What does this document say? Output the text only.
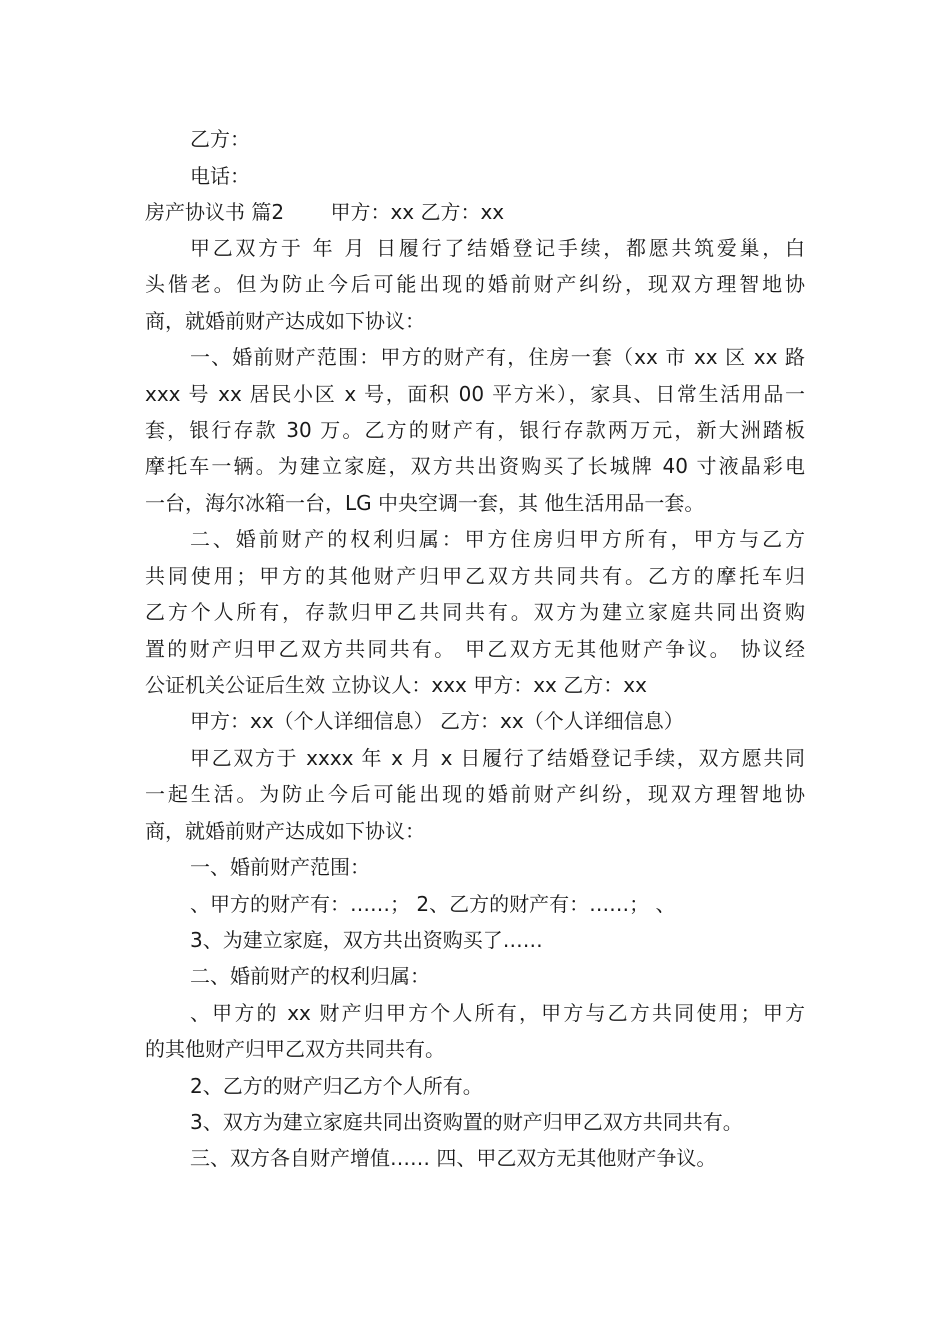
乙方：
电话：
房产协议书 篇2　　 甲方：xx 乙方：xx
甲乙双方于 年 月 日履行了结婚登记手续，都愿共筑爱巢，白
头偕老。但为防止今后可能出现的婚前财产纠纷，现双方理智地协
商，就婚前财产达成如下协议：
一、婚前财产范围：甲方的财产有，住房一套（xx 市 xx 区 xx 路
xxx 号 xx 居民小区 x 号，面积 00 平方米），家具、日常生活用品一
套，银行存款 30 万。乙方的财产有，银行存款两万元，新大洲踏板
摩托车一辆。为建立家庭，双方共出资购买了长城牌 40 寸液晶彩电
一台，海尔冰箱一台，LG 中央空调一套，其 他生活用品一套。
二、婚前财产的权利归属：甲方住房归甲方所有，甲方与乙方
共同使用；甲方的其他财产归甲乙双方共同共有。乙方的摩托车归
乙方个人所有，存款归甲乙共同共有。双方为建立家庭共同出资购
置的财产归甲乙双方共同共有。 甲乙双方无其他财产争议。 协议经
公证机关公证后生效 立协议人：xxx 甲方：xx 乙方：xx
甲方：xx（个人详细信息） 乙方：xx（个人详细信息）
甲乙双方于 xxxx 年 x 月 x 日履行了结婚登记手续，双方愿共同
一起生活。为防止今后可能出现的婚前财产纠纷，现双方理智地协
商，就婚前财产达成如下协议：
一、婚前财产范围：
、甲方的财产有：……； 2、乙方的财产有：……； 、
3、为建立家庭，双方共出资购买了……
二、婚前财产的权利归属：
、甲方的 xx 财产归甲方个人所有，甲方与乙方共同使用；甲方
的其他财产归甲乙双方共同共有。
2、乙方的财产归乙方个人所有。
3、双方为建立家庭共同出资购置的财产归甲乙双方共同共有。
三、双方各自财产增值…… 四、甲乙双方无其他财产争议。
